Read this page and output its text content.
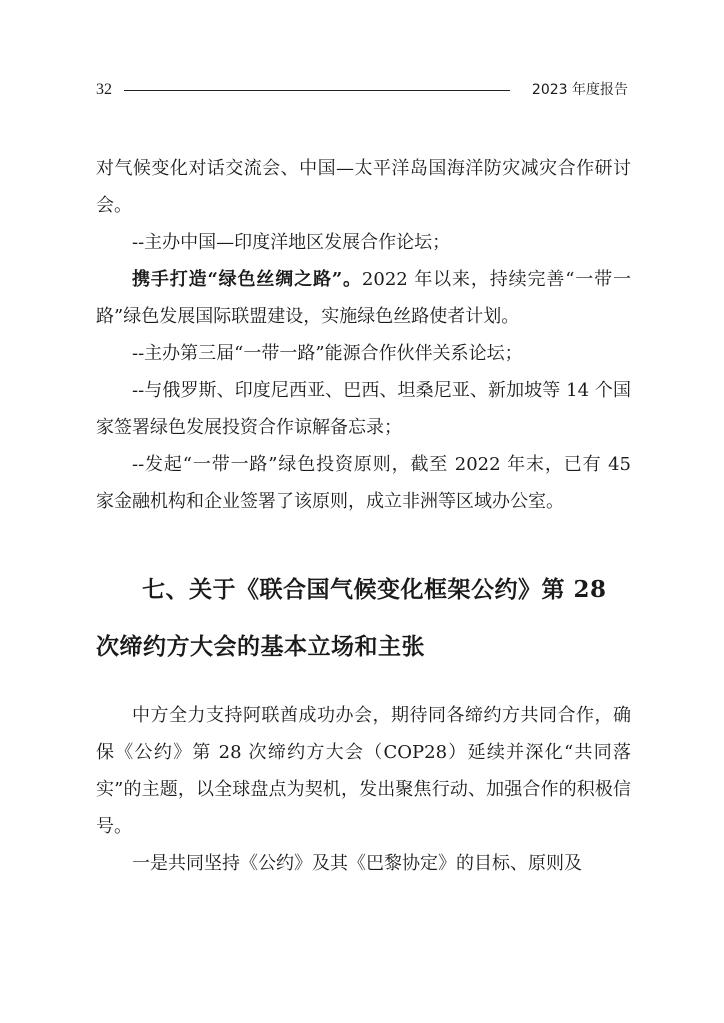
32	2023 年度报告

对气候变化对话交流会、中国—太平洋岛国海洋防灾减灾合作研讨会。

--主办中国—印度洋地区发展合作论坛；

携手打造“绿色丝绸之路”。2022 年以来，持续完善“一带一路”绿色发展国际联盟建设，实施绿色丝路使者计划。

--主办第三届“一带一路”能源合作伙伴关系论坛；

--与俄罗斯、印度尼西亚、巴西、坦桑尼亚、新加坡等 14 个国家签署绿色发展投资合作谅解备忘录；

--发起“一带一路”绿色投资原则，截至 2022 年末，已有 45 家金融机构和企业签署了该原则，成立非洲等区域办公室。

七、关于《联合国气候变化框架公约》第 28 次缔约方大会的基本立场和主张

中方全力支持阿联酋成功办会，期待同各缔约方共同合作，确保《公约》第 28 次缔约方大会（COP28）延续并深化“共同落实”的主题，以全球盘点为契机，发出聚焦行动、加强合作的积极信号。

一是共同坚持《公约》及其《巴黎协定》的目标、原则及
